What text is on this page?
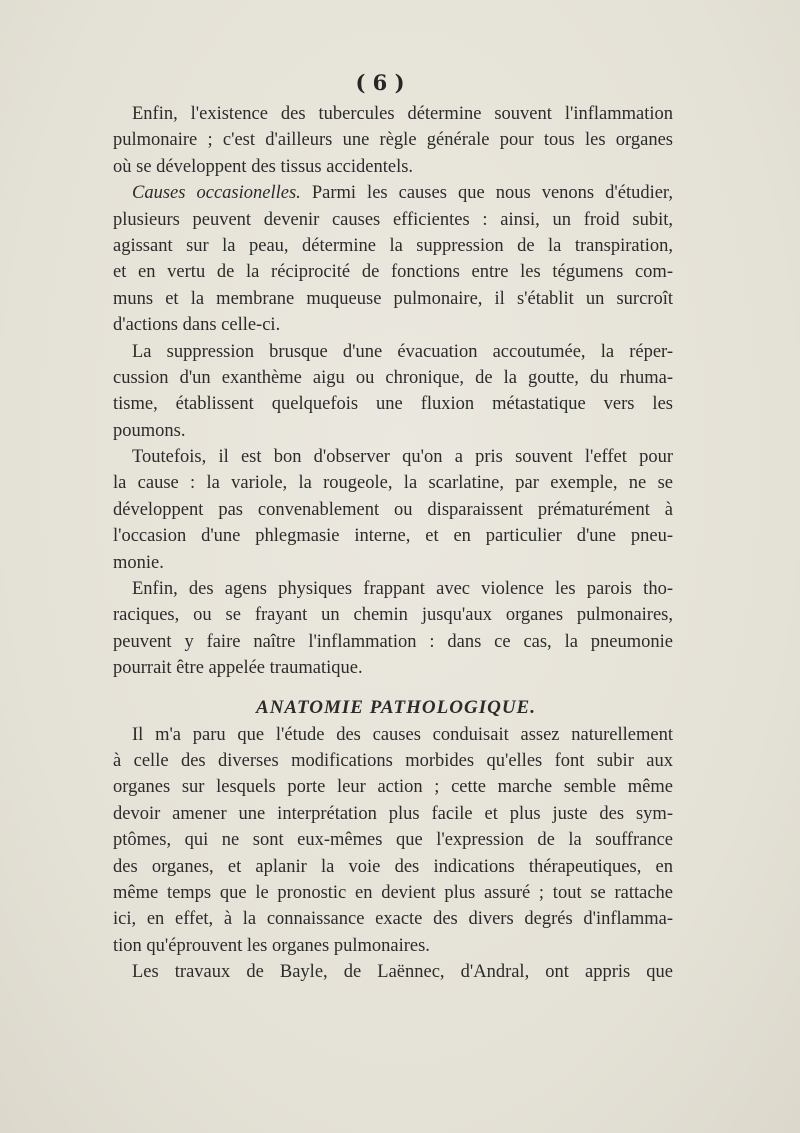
( 6 )
Enfin, l'existence des tubercules détermine souvent l'inflammation
pulmonaire ; c'est d'ailleurs une règle générale pour tous les organes
où se développent des tissus accidentels.
Causes occasionelles. Parmi les causes que nous venons d'étudier,
plusieurs peuvent devenir causes efficientes : ainsi, un froid subit,
agissant sur la peau, détermine la suppression de la transpiration,
et en vertu de la réciprocité de fonctions entre les tégumens com-
muns et la membrane muqueuse pulmonaire, il s'établit un surcroît
d'actions dans celle-ci.
La suppression brusque d'une évacuation accoutumée, la réper-
cussion d'un exanthème aigu ou chronique, de la goutte, du rhuma-
tisme, établissent quelquefois une fluxion métastatique vers les
poumons.
Toutefois, il est bon d'observer qu'on a pris souvent l'effet pour
la cause : la variole, la rougeole, la scarlatine, par exemple, ne se
développent pas convenablement ou disparaissent prématurément à
l'occasion d'une phlegmasie interne, et en particulier d'une pneu-
monie.
Enfin, des agens physiques frappant avec violence les parois tho-
raciques, ou se frayant un chemin jusqu'aux organes pulmonaires,
peuvent y faire naître l'inflammation : dans ce cas, la pneumonie
pourrait être appelée traumatique.
ANATOMIE PATHOLOGIQUE.
Il m'a paru que l'étude des causes conduisait assez naturellement
à celle des diverses modifications morbides qu'elles font subir aux
organes sur lesquels porte leur action ; cette marche semble même
devoir amener une interprétation plus facile et plus juste des sym-
ptômes, qui ne sont eux-mêmes que l'expression de la souffrance
des organes, et aplanir la voie des indications thérapeutiques, en
même temps que le pronostic en devient plus assuré ; tout se rattache
ici, en effet, à la connaissance exacte des divers degrés d'inflamma-
tion qu'éprouvent les organes pulmonaires.
Les travaux de Bayle, de Laënnec, d'Andral, ont appris que
